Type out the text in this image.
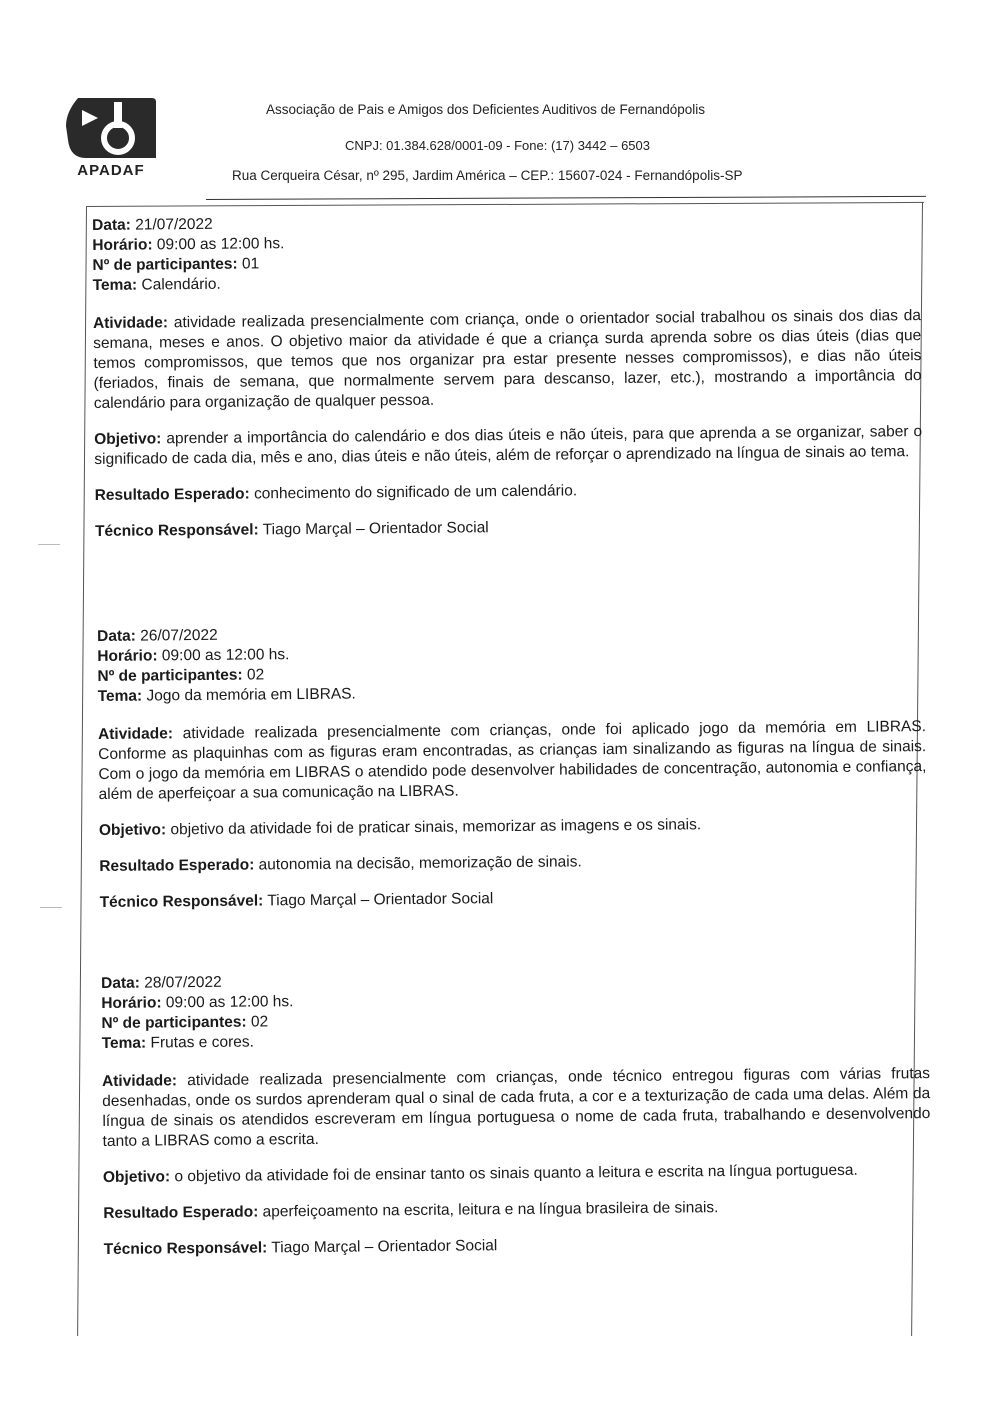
APADAF
Associação de Pais e Amigos dos Deficientes Auditivos de Fernandópolis
CNPJ: 01.384.628/0001-09 - Fone: (17) 3442 – 6503
Rua Cerqueira César, nº 295, Jardim América – CEP.: 15607-024 - Fernandópolis-SP

Data: 21/07/2022

Horário: 09:00 as 12:00 hs.

Nº de participantes: 01

Tema: Calendário.

Atividade: atividade realizada presencialmente com criança, onde o orientador social trabalhou os sinais dos dias da semana, meses e anos. O objetivo maior da atividade é que a criança surda aprenda sobre os dias úteis (dias que temos compromissos, que temos que nos organizar pra estar presente nesses compromissos), e dias não úteis (feriados, finais de semana, que normalmente servem para descanso, lazer, etc.), mostrando a importância do calendário para organização de qualquer pessoa.

Objetivo: aprender a importância do calendário e dos dias úteis e não úteis, para que aprenda a se organizar, saber o significado de cada dia, mês e ano, dias úteis e não úteis, além de reforçar o aprendizado na língua de sinais ao tema.

Resultado Esperado: conhecimento do significado de um calendário.

Técnico Responsável: Tiago Marçal – Orientador Social

Data: 26/07/2022

Horário: 09:00 as 12:00 hs.

Nº de participantes: 02

Tema: Jogo da memória em LIBRAS.

Atividade: atividade realizada presencialmente com crianças, onde foi aplicado jogo da memória em LIBRAS. Conforme as plaquinhas com as figuras eram encontradas, as crianças iam sinalizando as figuras na língua de sinais. Com o jogo da memória em LIBRAS o atendido pode desenvolver habilidades de concentração, autonomia e confiança, além de aperfeiçoar a sua comunicação na LIBRAS.

Objetivo: objetivo da atividade foi de praticar sinais, memorizar as imagens e os sinais.

Resultado Esperado: autonomia na decisão, memorização de sinais.

Técnico Responsável: Tiago Marçal – Orientador Social

Data: 28/07/2022

Horário: 09:00 as 12:00 hs.

Nº de participantes: 02

Tema: Frutas e cores.

Atividade: atividade realizada presencialmente com crianças, onde técnico entregou figuras com várias frutas desenhadas, onde os surdos aprenderam qual o sinal de cada fruta, a cor e a texturização de cada uma delas. Além da língua de sinais os atendidos escreveram em língua portuguesa o nome de cada fruta, trabalhando e desenvolvendo tanto a LIBRAS como a escrita.

Objetivo: o objetivo da atividade foi de ensinar tanto os sinais quanto a leitura e escrita na língua portuguesa.

Resultado Esperado: aperfeiçoamento na escrita, leitura e na língua brasileira de sinais.

Técnico Responsável: Tiago Marçal – Orientador Social
